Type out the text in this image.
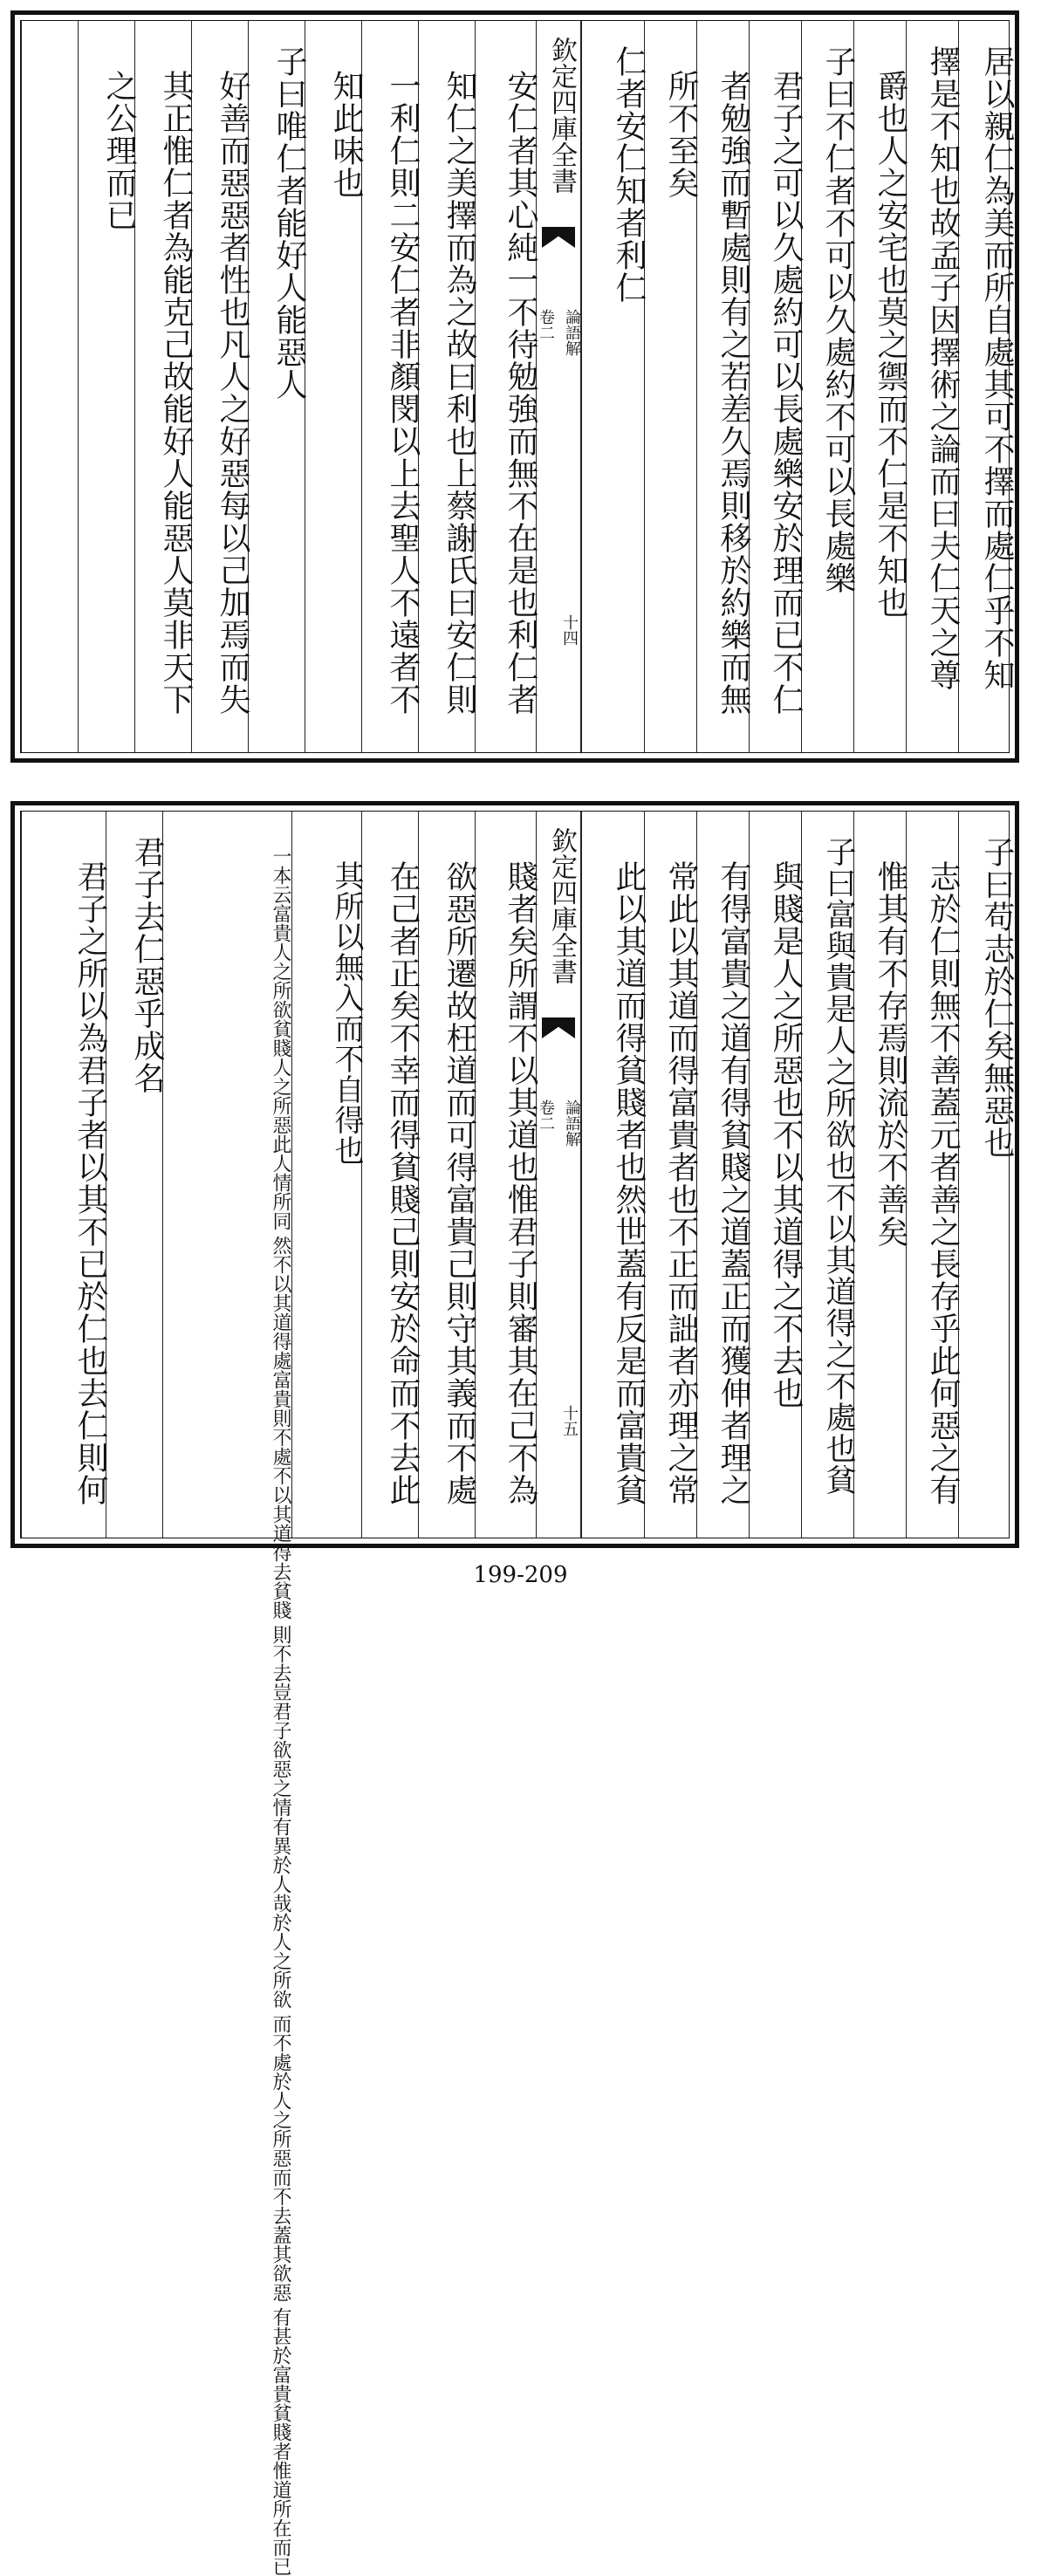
居以親仁為美而所自處其可不擇而處仁乎不知
擇是不知也故孟子因擇術之論而曰夫仁天之尊
爵也人之安宅也莫之禦而不仁是不知也
子曰不仁者不可以久處約不可以長處樂
君子之可以久處約可以長處樂安於理而已不仁
者勉強而暫處則有之若差久焉則移於約樂而無
所不至矣
仁者安仁知者利仁
欽定四庫全書
論語解
卷二
十四
安仁者其心純一不待勉強而無不在是也利仁者
知仁之美擇而為之故曰利也上蔡謝氏曰安仁則
一利仁則二安仁者非顏閔以上去聖人不遠者不
知此味也
子曰唯仁者能好人能惡人
好善而惡惡者性也凡人之好惡每以己加焉而失
其正惟仁者為能克己故能好人能惡人莫非天下
之公理而已
子曰苟志於仁矣無惡也
志於仁則無不善蓋元者善之長存乎此何惡之有
惟其有不存焉則流於不善矣
子曰富與貴是人之所欲也不以其道得之不處也貧
與賤是人之所惡也不以其道得之不去也
有得富貴之道有得貧賤之道蓋正而獲伸者理之
常此以其道而得富貴者也不正而詘者亦理之常
此以其道而得貧賤者也然世蓋有反是而富貴貧
欽定四庫全書
論語解
卷二
十五
賤者矣所謂不以其道也惟君子則審其在己不為
欲惡所遷故枉道而可得富貴己則守其義而不處
在己者正矣不幸而得貧賤己則安於命而不去此
其所以無入而不自得也
一本云富貴人之所欲貧賤人之所惡此人情所同
然不以其道得處富貴則不處不以其道得去貧賤
則不去豈君子欲惡之情有異於人哉於人之所欲
而不處於人之所惡而不去蓋其欲惡
有甚於富貴貧賤者惟道所在而已
君子去仁惡乎成名
君子之所以為君子者以其不已於仁也去仁則何
199-209
